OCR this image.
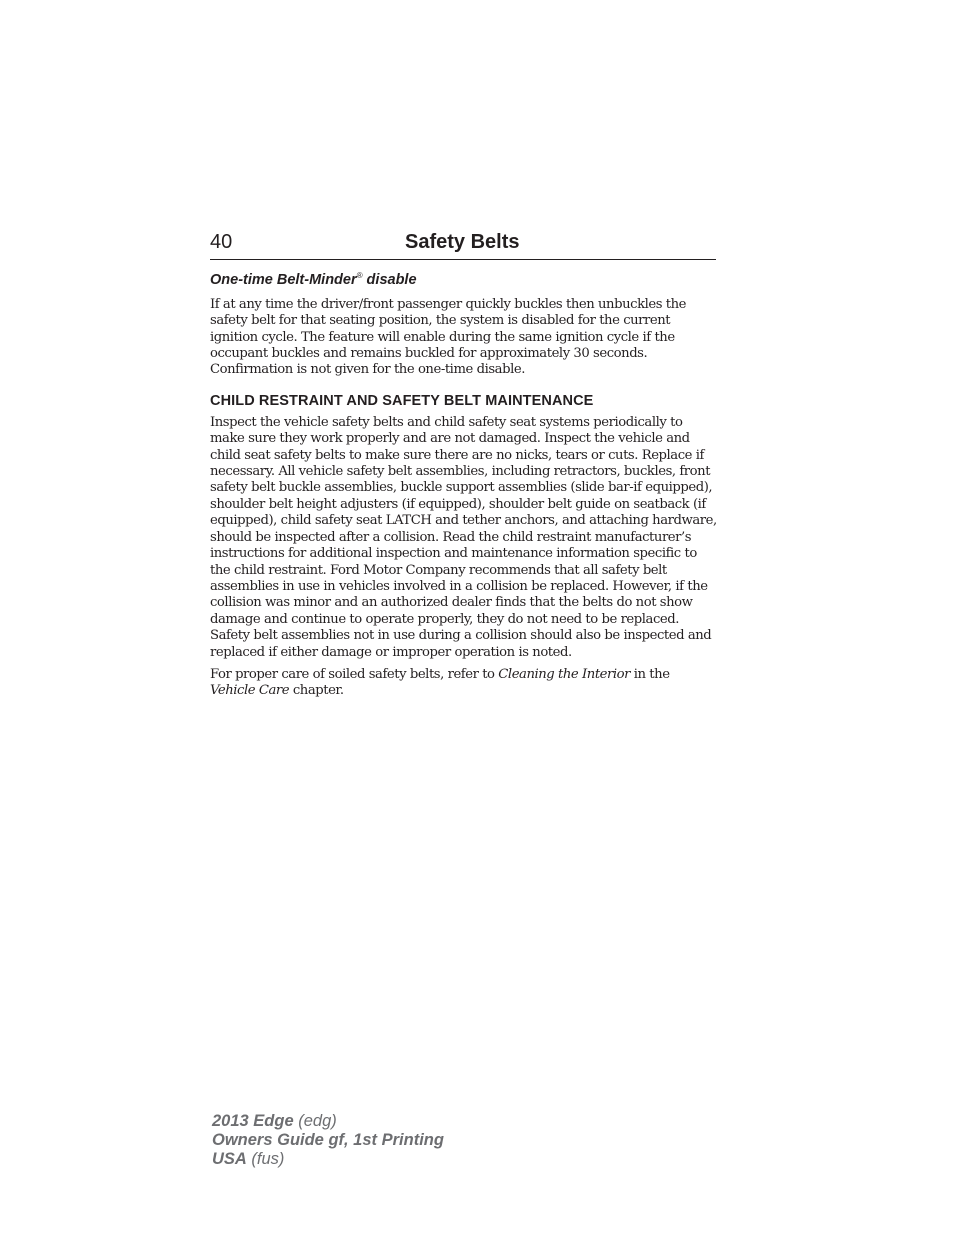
40	Safety Belts
One-time Belt-Minder® disable

If at any time the driver/front passenger quickly buckles then unbuckles the safety belt for that seating position, the system is disabled for the current ignition cycle. The feature will enable during the same ignition cycle if the occupant buckles and remains buckled for approximately 30 seconds. Confirmation is not given for the one-time disable.

CHILD RESTRAINT AND SAFETY BELT MAINTENANCE

Inspect the vehicle safety belts and child safety seat systems periodically to make sure they work properly and are not damaged. Inspect the vehicle and child seat safety belts to make sure there are no nicks, tears or cuts. Replace if necessary. All vehicle safety belt assemblies, including retractors, buckles, front safety belt buckle assemblies, buckle support assemblies (slide bar-if equipped), shoulder belt height adjusters (if equipped), shoulder belt guide on seatback (if equipped), child safety seat LATCH and tether anchors, and attaching hardware, should be inspected after a collision. Read the child restraint manufacturer’s instructions for additional inspection and maintenance information specific to the child restraint. Ford Motor Company recommends that all safety belt assemblies in use in vehicles involved in a collision be replaced. However, if the collision was minor and an authorized dealer finds that the belts do not show damage and continue to operate properly, they do not need to be replaced. Safety belt assemblies not in use during a collision should also be inspected and replaced if either damage or improper operation is noted.

For proper care of soiled safety belts, refer to Cleaning the Interior in the Vehicle Care chapter.

2013 Edge (edg)
Owners Guide gf, 1st Printing
USA (fus)
